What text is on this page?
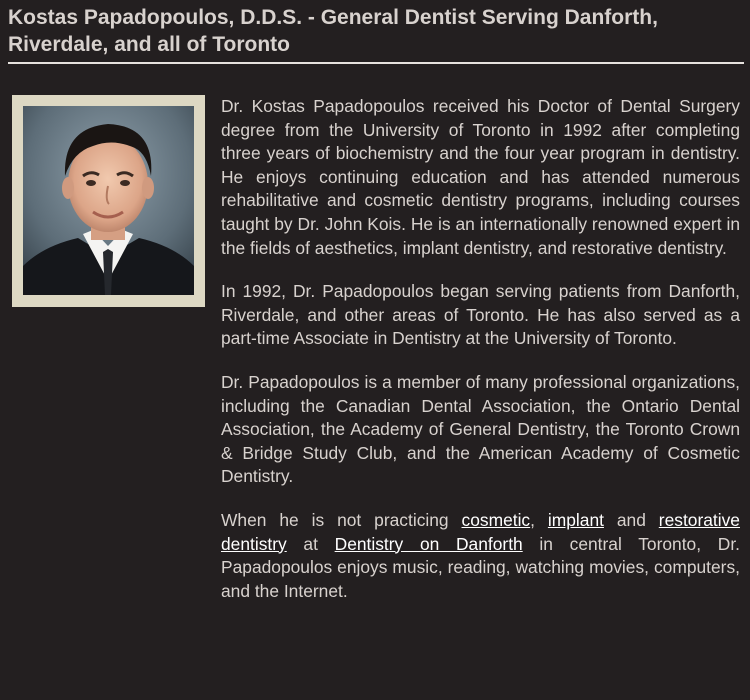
Kostas Papadopoulos, D.D.S. - General Dentist Serving Danforth, Riverdale, and all of Toronto

Dr. Kostas Papadopoulos received his Doctor of Dental Surgery degree from the University of Toronto in 1992 after completing three years of biochemistry and the four year program in dentistry. He enjoys continuing education and has attended numerous rehabilitative and cosmetic dentistry programs, including courses taught by Dr. John Kois. He is an internationally renowned expert in the fields of aesthetics, implant dentistry, and restorative dentistry.

In 1992, Dr. Papadopoulos began serving patients from Danforth, Riverdale, and other areas of Toronto. He has also served as a part-time Associate in Dentistry at the University of Toronto.

Dr. Papadopoulos is a member of many professional organizations, including the Canadian Dental Association, the Ontario Dental Association, the Academy of General Dentistry, the Toronto Crown & Bridge Study Club, and the American Academy of Cosmetic Dentistry.

When he is not practicing cosmetic, implant and restorative dentistry at Dentistry on Danforth in central Toronto, Dr. Papadopoulos enjoys music, reading, watching movies, computers, and the Internet.
